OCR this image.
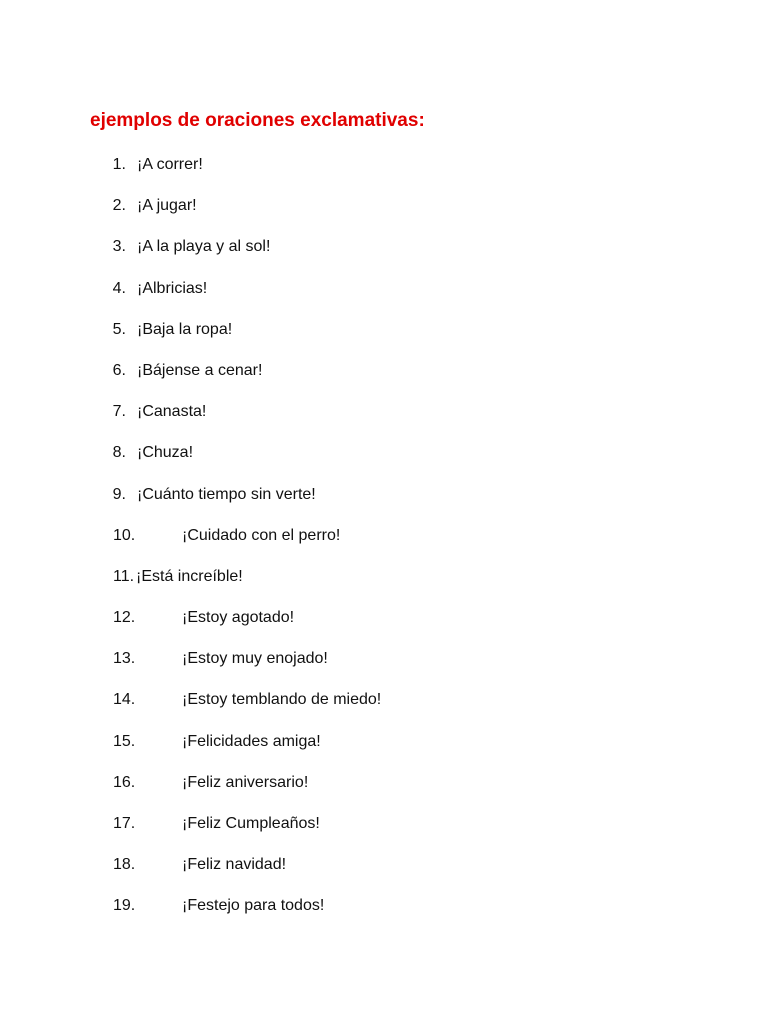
ejemplos de oraciones exclamativas:
1. ¡A correr!
2. ¡A jugar!
3. ¡A la playa y al sol!
4. ¡Albricias!
5. ¡Baja la ropa!
6. ¡Bájense a cenar!
7. ¡Canasta!
8. ¡Chuza!
9. ¡Cuánto tiempo sin verte!
10.	¡Cuidado con el perro!
11. ¡Está increíble!
12.	¡Estoy agotado!
13.	¡Estoy muy enojado!
14.	¡Estoy temblando de miedo!
15.	¡Felicidades amiga!
16.	¡Feliz aniversario!
17.	¡Feliz Cumpleaños!
18.	¡Feliz navidad!
19.	¡Festejo para todos!
